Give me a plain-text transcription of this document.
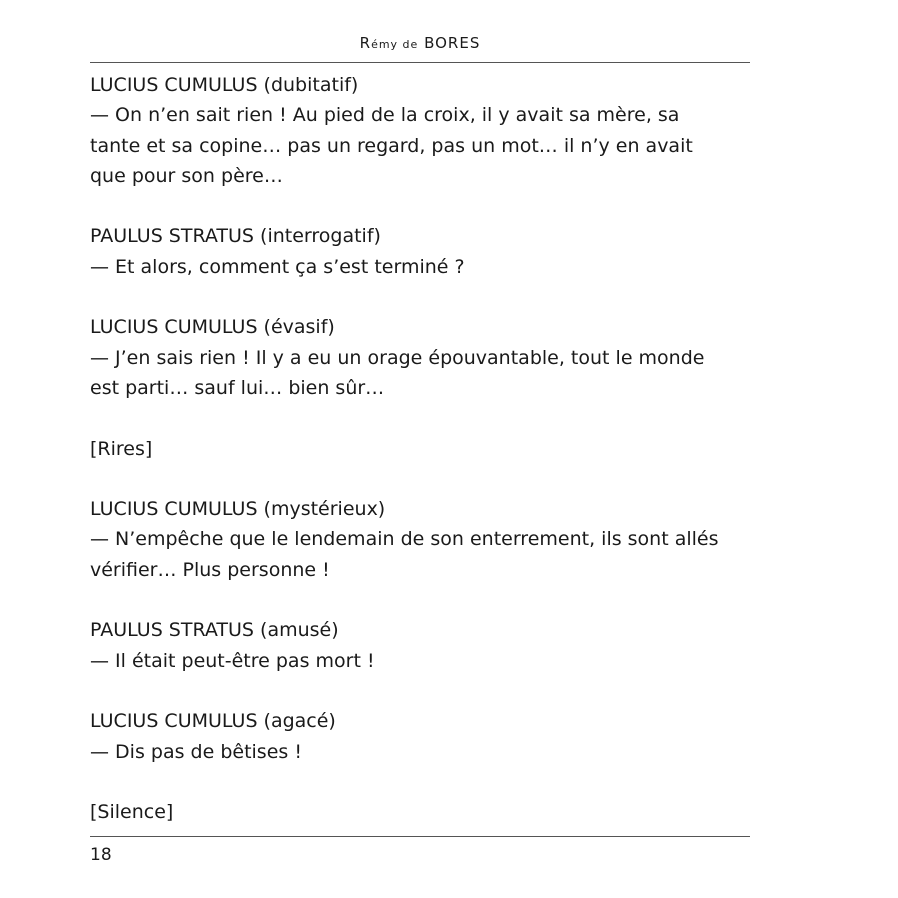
Rémy de BORES
LUCIUS CUMULUS (dubitatif)
— On n’en sait rien ! Au pied de la croix, il y avait sa mère, sa
tante et sa copine… pas un regard, pas un mot… il n’y en avait
que pour son père…
PAULUS STRATUS (interrogatif)
— Et alors, comment ça s’est terminé ?
LUCIUS CUMULUS (évasif)
— J’en sais rien ! Il y a eu un orage épouvantable, tout le monde
est parti… sauf lui… bien sûr…
[Rires]
LUCIUS CUMULUS (mystérieux)
— N’empêche que le lendemain de son enterrement, ils sont allés
vérifier… Plus personne !
PAULUS STRATUS (amusé)
— Il était peut-être pas mort !
LUCIUS CUMULUS (agacé)
— Dis pas de bêtises !
[Silence]
18
